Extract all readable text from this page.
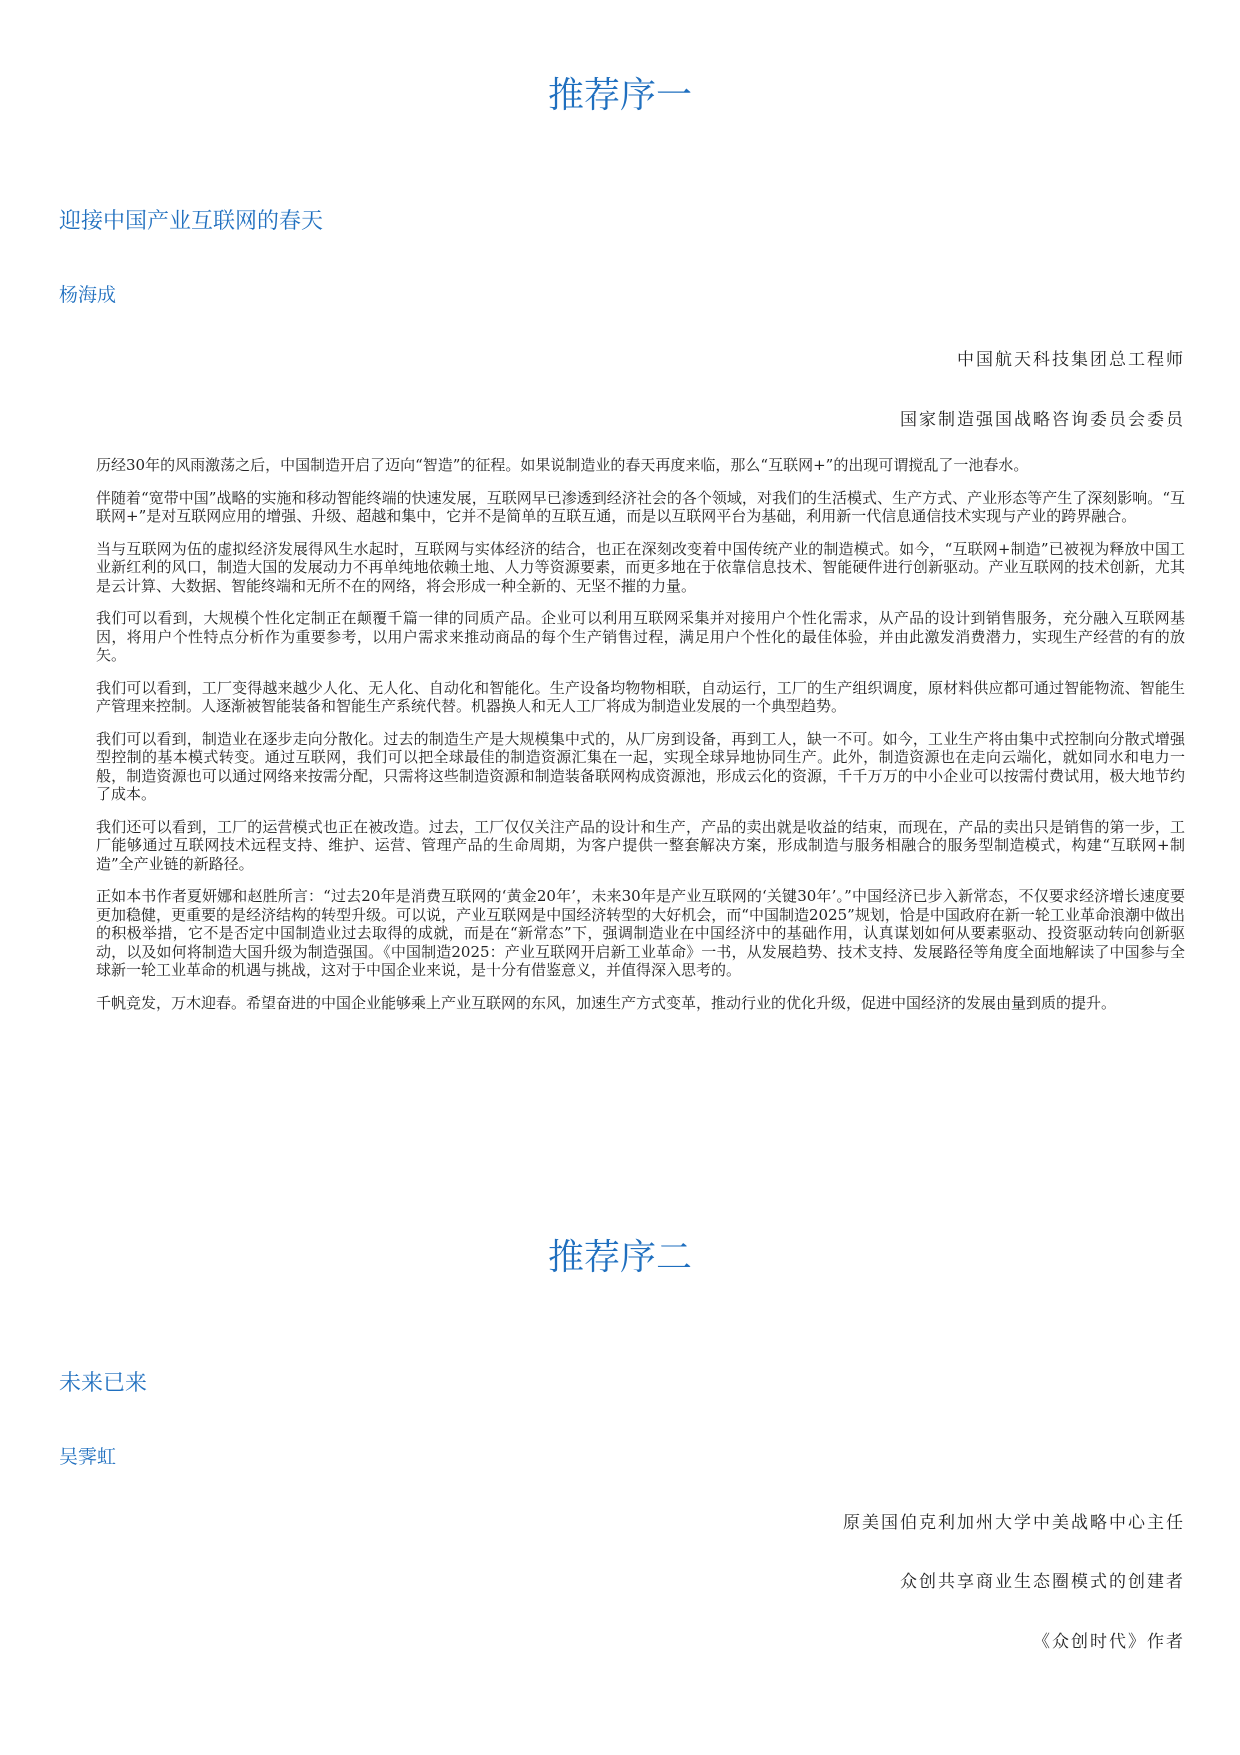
推荐序一
迎接中国产业互联网的春天
杨海成
中国航天科技集团总工程师
国家制造强国战略咨询委员会委员

历经30年的风雨激荡之后，中国制造开启了迈向“智造”的征程。如果说制造业的春天再度来临，那么“互联网+”的出现可谓搅乱了一池春水。

伴随着“宽带中国”战略的实施和移动智能终端的快速发展，互联网早已渗透到经济社会的各个领域，对我们的生活模式、生产方式、产业形态等产生了深刻影响。“互联网+”是对互联网应用的增强、升级、超越和集中，它并不是简单的互联互通，而是以互联网平台为基础，利用新一代信息通信技术实现与产业的跨界融合。

当与互联网为伍的虚拟经济发展得风生水起时，互联网与实体经济的结合，也正在深刻改变着中国传统产业的制造模式。如今，“互联网+制造”已被视为释放中国工业新红利的风口，制造大国的发展动力不再单纯地依赖土地、人力等资源要素，而更多地在于依靠信息技术、智能硬件进行创新驱动。产业互联网的技术创新，尤其是云计算、大数据、智能终端和无所不在的网络，将会形成一种全新的、无坚不摧的力量。

我们可以看到，大规模个性化定制正在颠覆千篇一律的同质产品。企业可以利用互联网采集并对接用户个性化需求，从产品的设计到销售服务，充分融入互联网基因，将用户个性特点分析作为重要参考，以用户需求来推动商品的每个生产销售过程，满足用户个性化的最佳体验，并由此激发消费潜力，实现生产经营的有的放矢。

我们可以看到，工厂变得越来越少人化、无人化、自动化和智能化。生产设备均物物相联，自动运行，工厂的生产组织调度，原材料供应都可通过智能物流、智能生产管理来控制。人逐渐被智能装备和智能生产系统代替。机器换人和无人工厂将成为制造业发展的一个典型趋势。

我们可以看到，制造业在逐步走向分散化。过去的制造生产是大规模集中式的，从厂房到设备，再到工人，缺一不可。如今，工业生产将由集中式控制向分散式增强型控制的基本模式转变。通过互联网，我们可以把全球最佳的制造资源汇集在一起，实现全球异地协同生产。此外，制造资源也在走向云端化，就如同水和电力一般，制造资源也可以通过网络来按需分配，只需将这些制造资源和制造装备联网构成资源池，形成云化的资源，千千万万的中小企业可以按需付费试用，极大地节约了成本。

我们还可以看到，工厂的运营模式也正在被改造。过去，工厂仅仅关注产品的设计和生产，产品的卖出就是收益的结束，而现在，产品的卖出只是销售的第一步，工厂能够通过互联网技术远程支持、维护、运营、管理产品的生命周期，为客户提供一整套解决方案，形成制造与服务相融合的服务型制造模式，构建“互联网+制造”全产业链的新路径。

正如本书作者夏妍娜和赵胜所言：“过去20年是消费互联网的‘黄金20年’，未来30年是产业互联网的‘关键30年’。”中国经济已步入新常态，不仅要求经济增长速度要更加稳健，更重要的是经济结构的转型升级。可以说，产业互联网是中国经济转型的大好机会，而“中国制造2025”规划，恰是中国政府在新一轮工业革命浪潮中做出的积极举措，它不是否定中国制造业过去取得的成就，而是在“新常态”下，强调制造业在中国经济中的基础作用，认真谋划如何从要素驱动、投资驱动转向创新驱动，以及如何将制造大国升级为制造强国。《中国制造2025：产业互联网开启新工业革命》一书，从发展趋势、技术支持、发展路径等角度全面地解读了中国参与全球新一轮工业革命的机遇与挑战，这对于中国企业来说，是十分有借鉴意义，并值得深入思考的。

千帆竞发，万木迎春。希望奋进的中国企业能够乘上产业互联网的东风，加速生产方式变革，推动行业的优化升级，促进中国经济的发展由量到质的提升。

推荐序二
未来已来
吴霁虹
原美国伯克利加州大学中美战略中心主任
众创共享商业生态圈模式的创建者
《众创时代》作者
